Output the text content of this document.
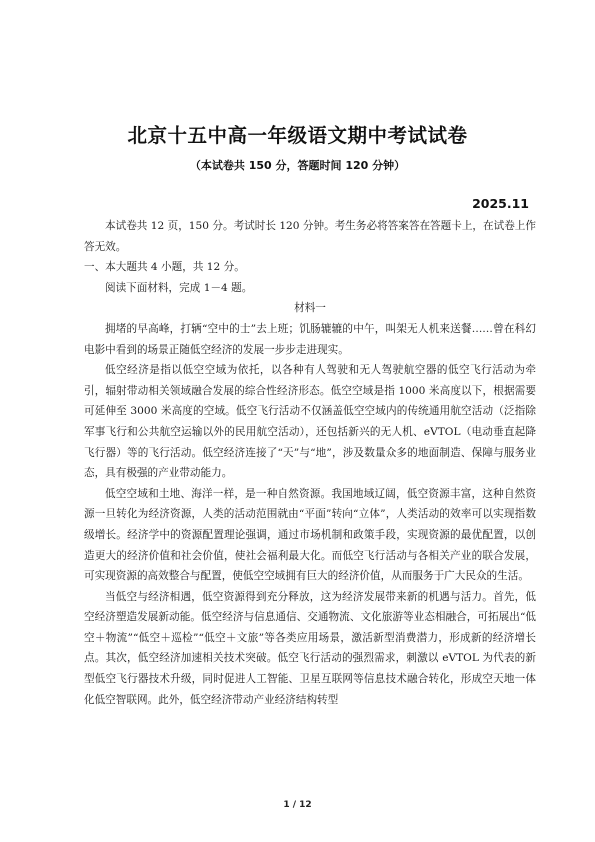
北京十五中高一年级语文期中考试试卷
（本试卷共 150 分，答题时间 120 分钟）
2025.11

本试卷共 12 页，150 分。考试时长 120 分钟。考生务必将答案答在答题卡上，在试卷上作答无效。

一、本大题共 4 小题，共 12 分。

阅读下面材料，完成 1－4 题。

材料一

拥堵的早高峰，打辆“空中的士”去上班；饥肠辘辘的中午，叫架无人机来送餐……曾在科幻电影中看到的场景正随低空经济的发展一步步走进现实。

低空经济是指以低空空域为依托，以各种有人驾驶和无人驾驶航空器的低空飞行活动为牵引，辐射带动相关领域融合发展的综合性经济形态。低空空域是指 1000 米高度以下，根据需要可延伸至 3000 米高度的空域。低空飞行活动不仅涵盖低空空域内的传统通用航空活动（泛指除军事飞行和公共航空运输以外的民用航空活动），还包括新兴的无人机、eVTOL（电动垂直起降飞行器）等的飞行活动。低空经济连接了“天”与“地”，涉及数量众多的地面制造、保障与服务业态，具有极强的产业带动能力。

低空空域和土地、海洋一样，是一种自然资源。我国地域辽阔，低空资源丰富，这种自然资源一旦转化为经济资源，人类的活动范围就由“平面”转向“立体”，人类活动的效率可以实现指数级增长。经济学中的资源配置理论强调，通过市场机制和政策手段，实现资源的最优配置，以创造更大的经济价值和社会价值，使社会福利最大化。而低空飞行活动与各相关产业的联合发展，可实现资源的高效整合与配置，使低空空域拥有巨大的经济价值，从而服务于广大民众的生活。

当低空与经济相遇，低空资源得到充分释放，这为经济发展带来新的机遇与活力。首先，低空经济塑造发展新动能。低空经济与信息通信、交通物流、文化旅游等业态相融合，可拓展出“低空＋物流”“低空＋巡检”“低空＋文旅”等各类应用场景，激活新型消费潜力，形成新的经济增长点。其次，低空经济加速相关技术突破。低空飞行活动的强烈需求，刺激以 eVTOL 为代表的新型低空飞行器技术升级，同时促进人工智能、卫星互联网等信息技术融合转化，形成空天地一体化低空智联网。此外，低空经济带动产业经济结构转型

1 / 12
